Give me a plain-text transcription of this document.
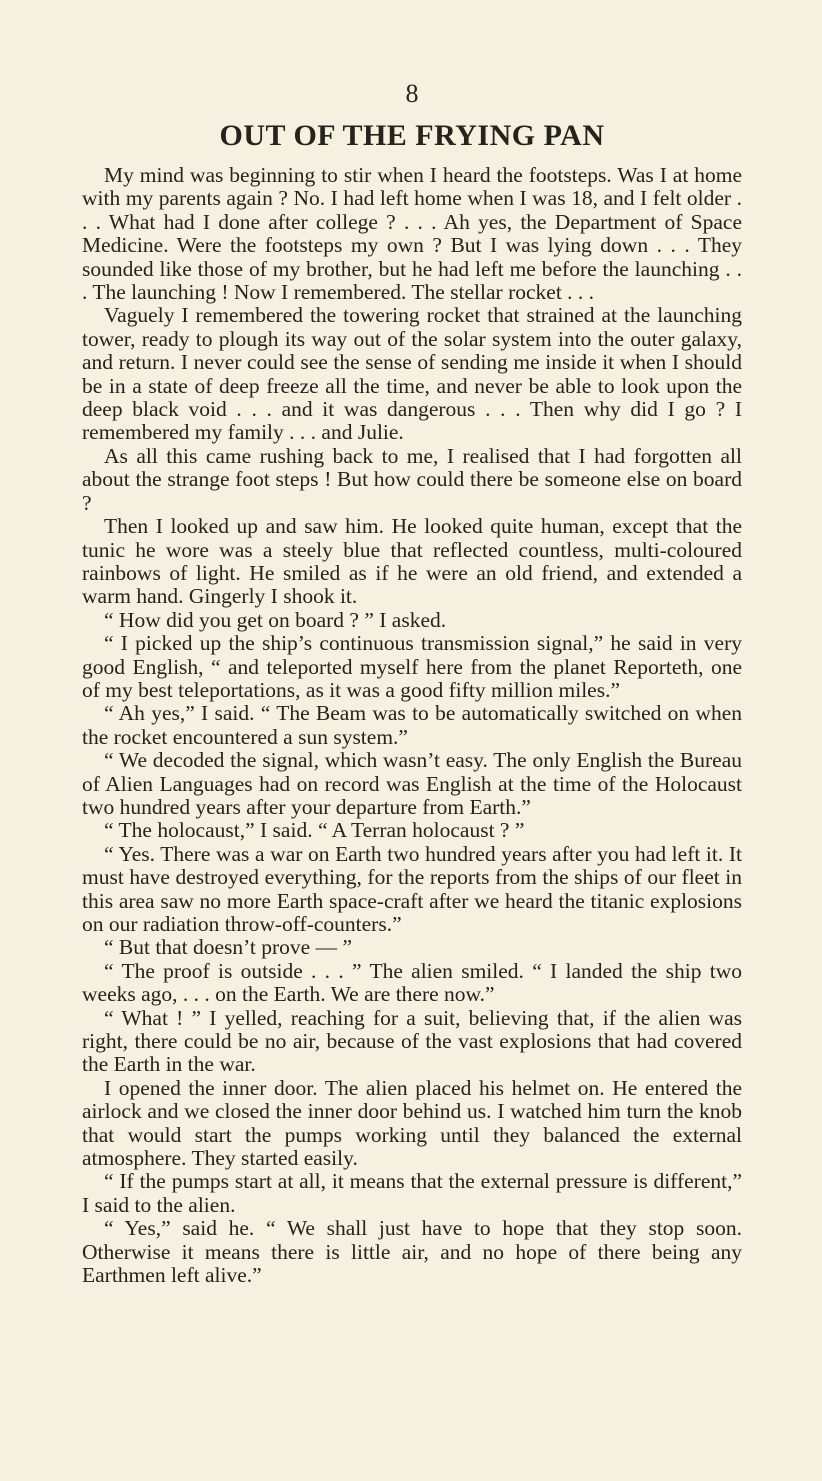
8
OUT OF THE FRYING PAN

My mind was beginning to stir when I heard the footsteps. Was I at home with my parents again ? No. I had left home when I was 18, and I felt older . . . What had I done after college ? . . . Ah yes, the Department of Space Medicine. Were the footsteps my own ? But I was lying down . . . They sounded like those of my brother, but he had left me before the launching . . . The launching ! Now I remembered. The stellar rocket . . .

Vaguely I remembered the towering rocket that strained at the launching tower, ready to plough its way out of the solar system into the outer galaxy, and return. I never could see the sense of sending me inside it when I should be in a state of deep freeze all the time, and never be able to look upon the deep black void . . . and it was dangerous . . . Then why did I go ? I remembered my family . . . and Julie.

As all this came rushing back to me, I realised that I had forgotten all about the strange foot steps ! But how could there be someone else on board ?

Then I looked up and saw him. He looked quite human, except that the tunic he wore was a steely blue that reflected countless, multi-coloured rainbows of light. He smiled as if he were an old friend, and extended a warm hand. Gingerly I shook it.

“ How did you get on board ? ” I asked.

“ I picked up the ship’s continuous transmission signal,” he said in very good English, “ and teleported myself here from the planet Reporteth, one of my best teleportations, as it was a good fifty million miles.”

“ Ah yes,” I said. “ The Beam was to be automatically switched on when the rocket encountered a sun system.”

“ We decoded the signal, which wasn’t easy. The only English the Bureau of Alien Languages had on record was English at the time of the Holocaust two hundred years after your departure from Earth.”

“ The holocaust,” I said. “ A Terran holocaust ? ”

“ Yes. There was a war on Earth two hundred years after you had left it. It must have destroyed everything, for the reports from the ships of our fleet in this area saw no more Earth space-craft after we heard the titanic explosions on our radiation throw-off-counters.”

“ But that doesn’t prove — ”

“ The proof is outside . . . ” The alien smiled. “ I landed the ship two weeks ago, . . . on the Earth. We are there now.”

“ What ! ” I yelled, reaching for a suit, believing that, if the alien was right, there could be no air, because of the vast explosions that had covered the Earth in the war.

I opened the inner door. The alien placed his helmet on. He entered the airlock and we closed the inner door behind us. I watched him turn the knob that would start the pumps working until they balanced the external atmosphere. They started easily.

“ If the pumps start at all, it means that the external pressure is different,” I said to the alien.

“ Yes,” said he. “ We shall just have to hope that they stop soon. Otherwise it means there is little air, and no hope of there being any Earthmen left alive.”
